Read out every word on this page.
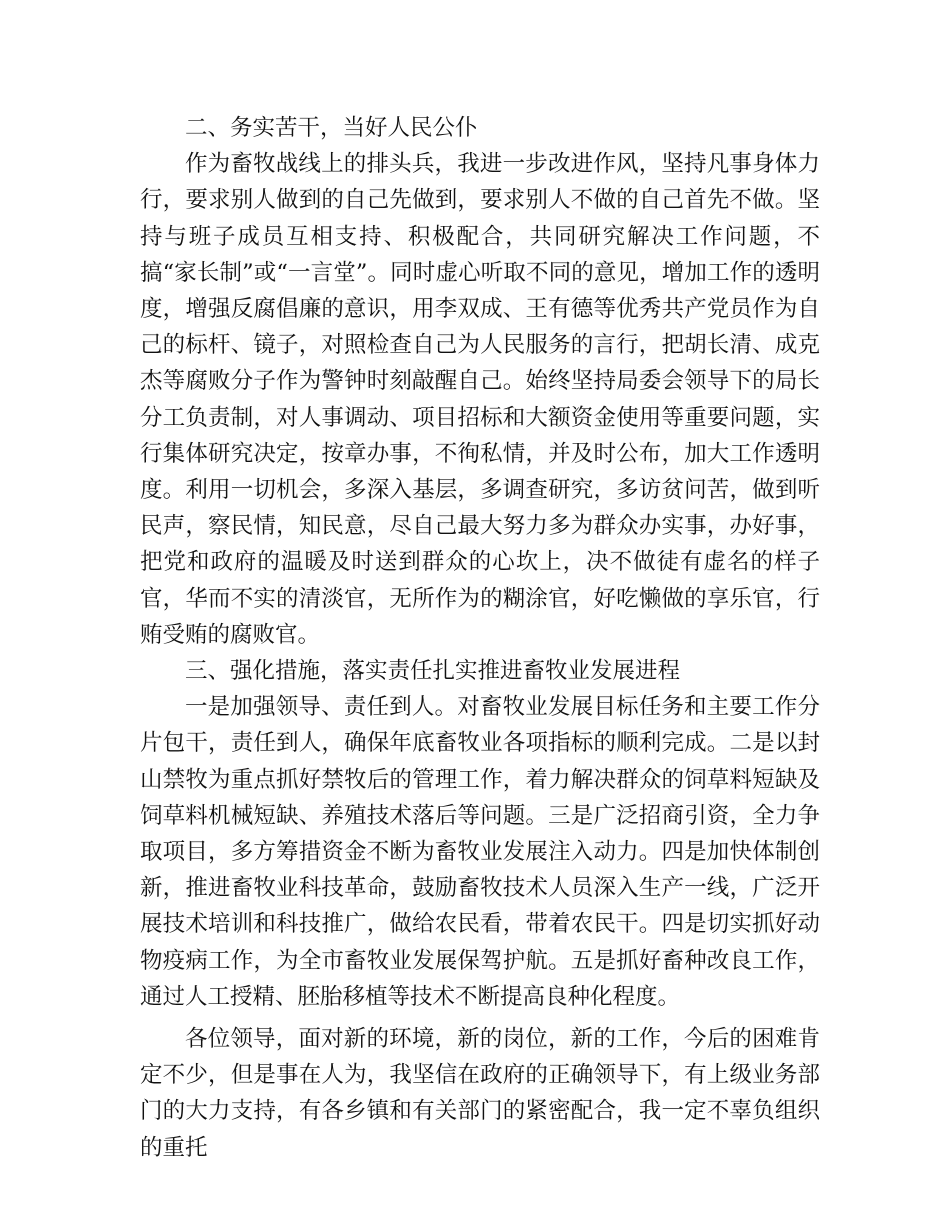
二、务实苦干，当好人民公仆

作为畜牧战线上的排头兵，我进一步改进作风，坚持凡事身体力行，要求别人做到的自己先做到，要求别人不做的自己首先不做。坚持与班子成员互相支持、积极配合，共同研究解决工作问题，不搞“家长制”或“一言堂”。同时虚心听取不同的意见，增加工作的透明度，增强反腐倡廉的意识，用李双成、王有德等优秀共产党员作为自己的标杆、镜子，对照检查自己为人民服务的言行，把胡长清、成克杰等腐败分子作为警钟时刻敲醒自己。始终坚持局委会领导下的局长分工负责制，对人事调动、项目招标和大额资金使用等重要问题，实行集体研究决定，按章办事，不徇私情，并及时公布，加大工作透明度。利用一切机会，多深入基层，多调查研究，多访贫问苦，做到听民声，察民情，知民意，尽自己最大努力多为群众办实事，办好事，把党和政府的温暖及时送到群众的心坎上，决不做徒有虚名的样子官，华而不实的清淡官，无所作为的糊涂官，好吃懒做的享乐官，行贿受贿的腐败官。

三、强化措施，落实责任扎实推进畜牧业发展进程

一是加强领导、责任到人。对畜牧业发展目标任务和主要工作分片包干，责任到人，确保年底畜牧业各项指标的顺利完成。二是以封山禁牧为重点抓好禁牧后的管理工作，着力解决群众的饲草料短缺及饲草料机械短缺、养殖技术落后等问题。三是广泛招商引资，全力争取项目，多方筹措资金不断为畜牧业发展注入动力。四是加快体制创新，推进畜牧业科技革命，鼓励畜牧技术人员深入生产一线，广泛开展技术培训和科技推广，做给农民看，带着农民干。四是切实抓好动物疫病工作，为全市畜牧业发展保驾护航。五是抓好畜种改良工作，通过人工授精、胚胎移植等技术不断提高良种化程度。

各位领导，面对新的环境，新的岗位，新的工作，今后的困难肯定不少，但是事在人为，我坚信在政府的正确领导下，有上级业务部门的大力支持，有各乡镇和有关部门的紧密配合，我一定不辜负组织的重托
